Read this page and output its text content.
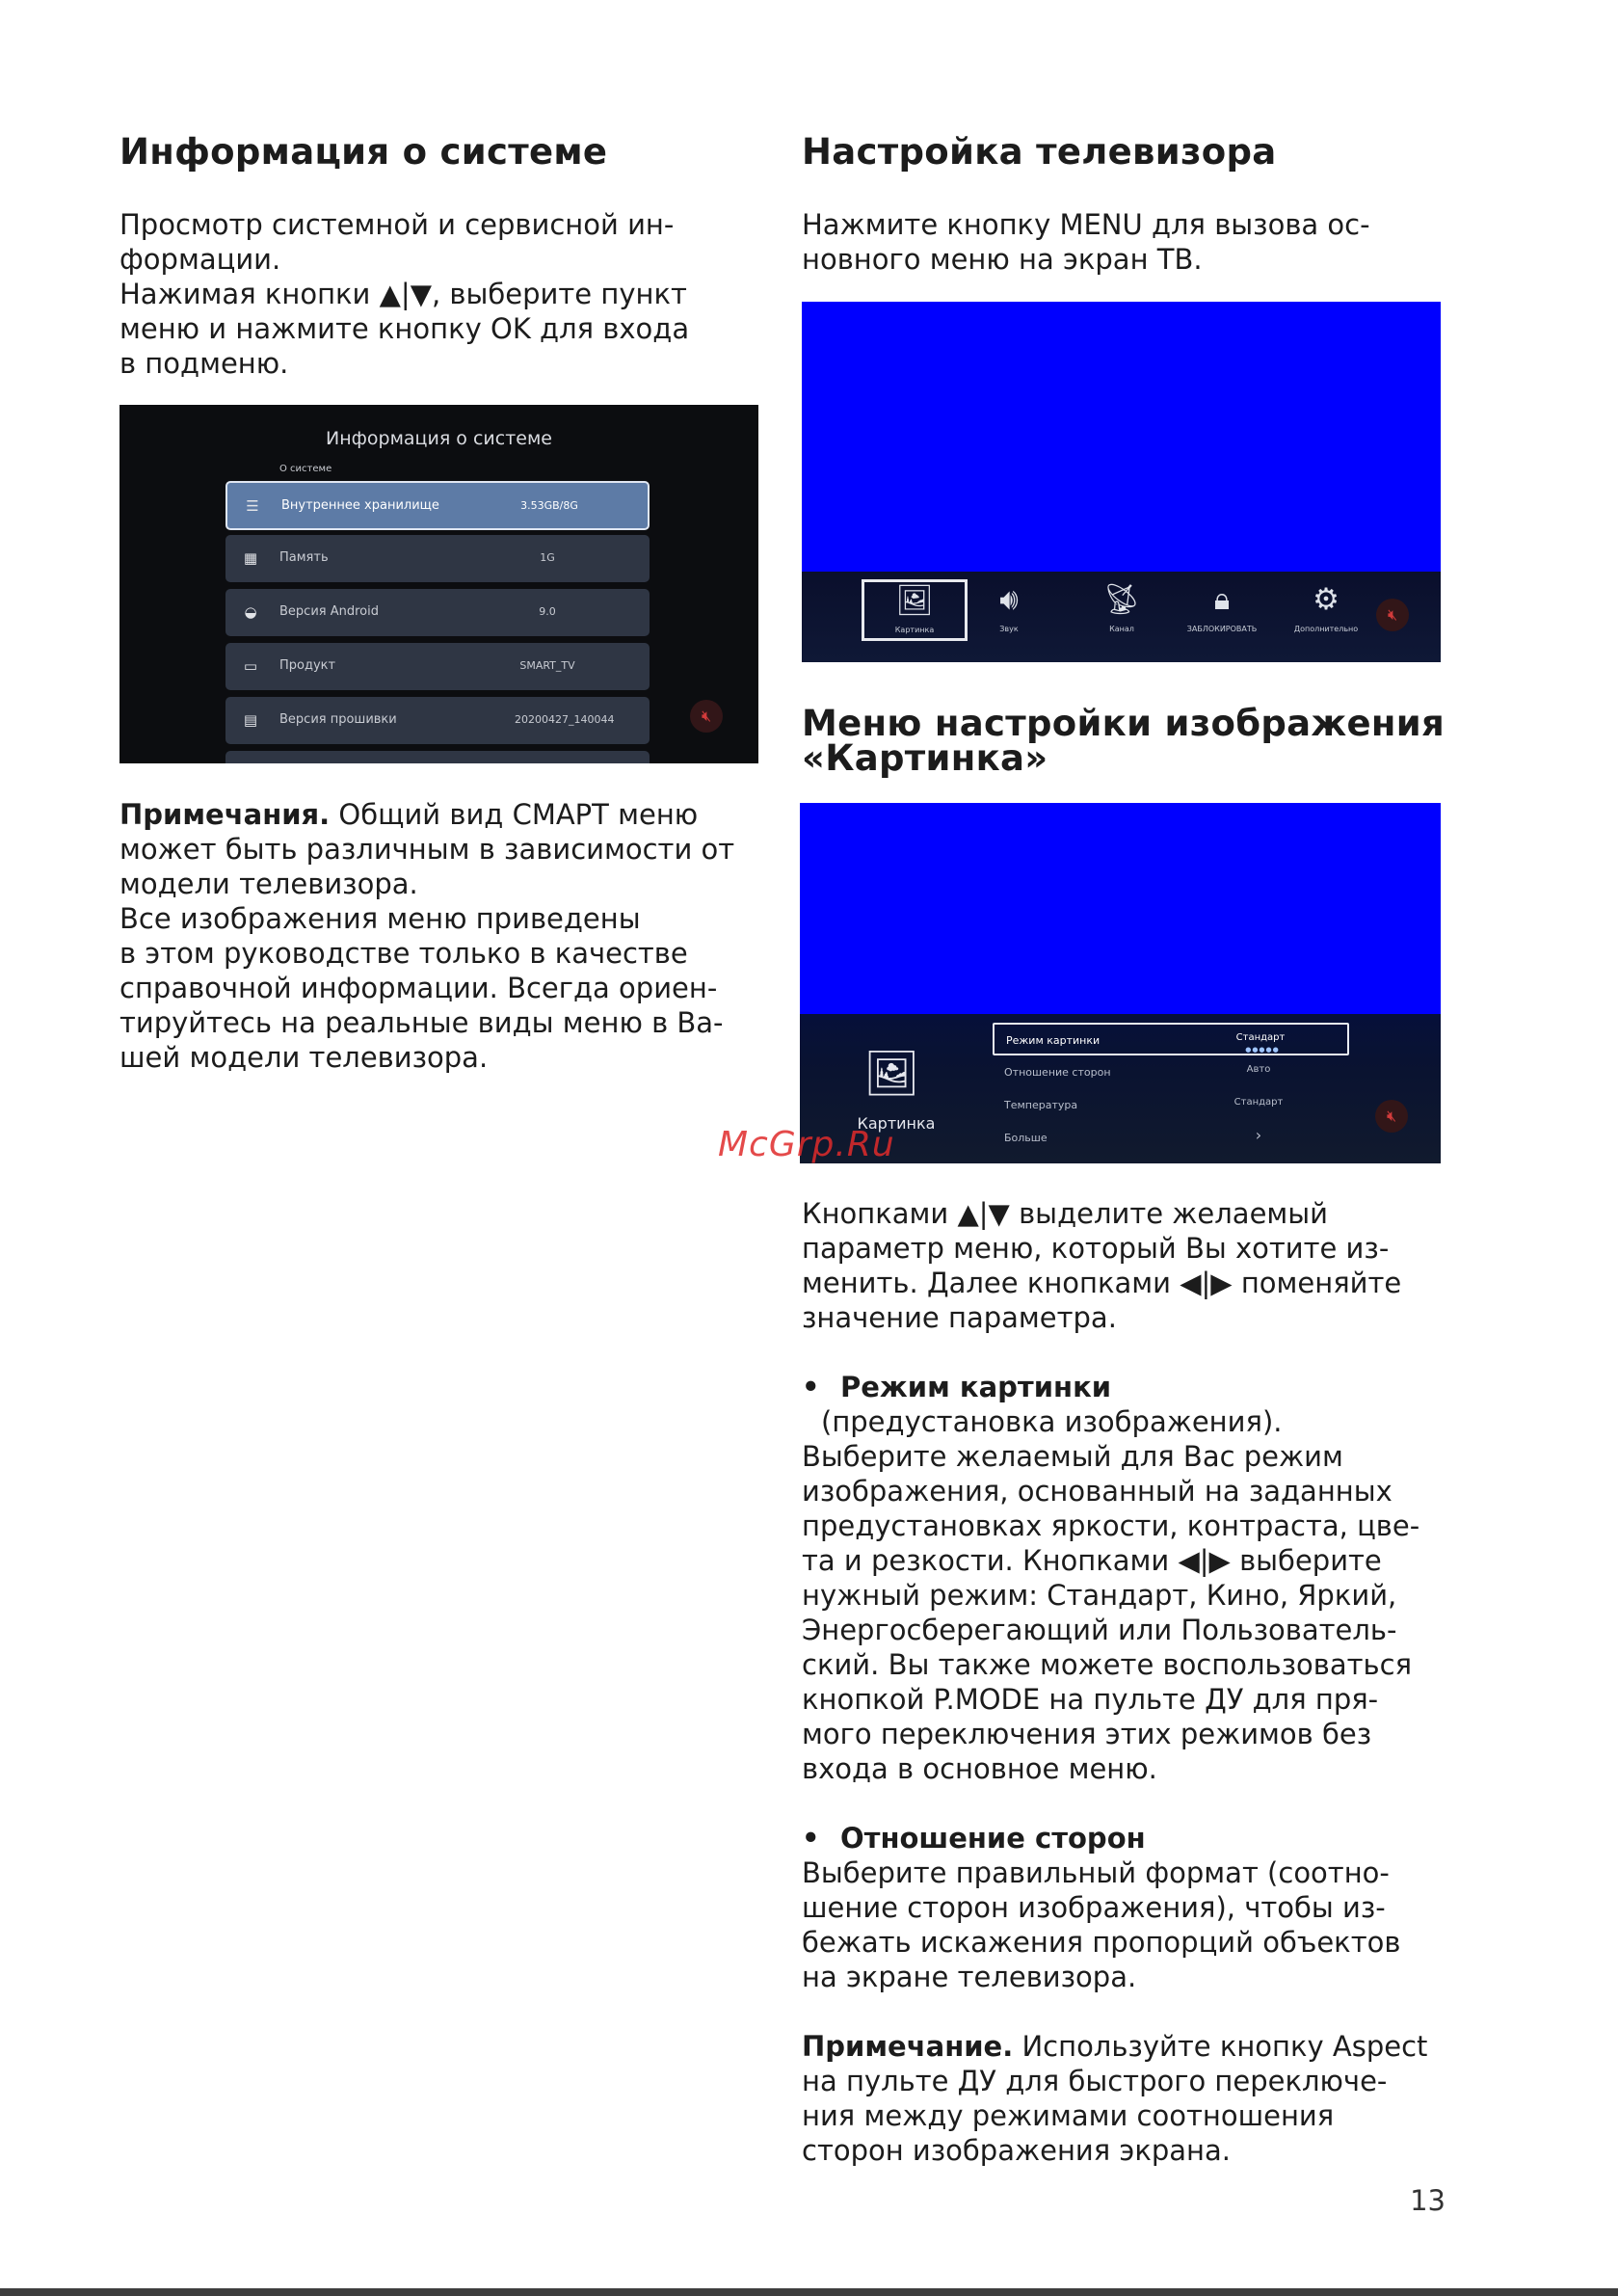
Информация о системе

Просмотр системной и сервисной ин-

формации.

Нажимая кнопки ▲|▼, выберите пункт

меню и нажмите кнопку OK для входа

в подменю.

Информация о системе
О системе
☰ Внутреннее хранилище	3.53GB/8G
▦ Память	1G
◒ Версия Android	9.0
▭ Продукт	SMART_TV
▤ Версия прошивки	20200427_140044	🔇︎

Примечания. Общий вид СМАРТ меню

может быть различным в зависимости от

модели телевизора.

Все изображения меню приведены

в этом руководстве только в качестве

справочной информации. Всегда ориен-

тируйтесь на реальные виды меню в Ва-

шей модели телевизора.

Настройка телевизора

Нажмите кнопку MENU для вызова ос-

новного меню на экран ТВ.

🖼︎
Картинка
🔊︎
Звук
📡︎
Канал
🔒︎
ЗАБЛОКИРОВАТЬ
⚙
Дополнительно
🔇︎
Меню настройки изображения
«Картинка»
🖼︎
Картинка
Режим картинки	Стандарт
●●●●●
Отношение сторон	Авто
Температура	Стандарт
Больше	›
🔇︎
McGrp.Ru

Кнопками ▲|▼ выделите желаемый

параметр меню, который Вы хотите из-

менить. Далее кнопками ◀|▶ поменяйте

значение параметра.

• Режим картинки

(предустановка изображения).

Выберите желаемый для Вас режим

изображения, основанный на заданных

предустановках яркости, контраста, цве-

та и резкости. Кнопками ◀|▶ выберите

нужный режим: Стандарт, Кино, Яркий,

Энергосберегающий или Пользователь-

ский. Вы также можете воспользоваться

кнопкой P.MODE на пульте ДУ для пря-

мого переключения этих режимов без

входа в основное меню.

• Отношение сторон

Выберите правильный формат (соотно-

шение сторон изображения), чтобы из-

бежать искажения пропорций объектов

на экране телевизора.

Примечание. Используйте кнопку Aspect

на пульте ДУ для быстрого переключе-

ния между режимами соотношения

сторон изображения экрана.

13
